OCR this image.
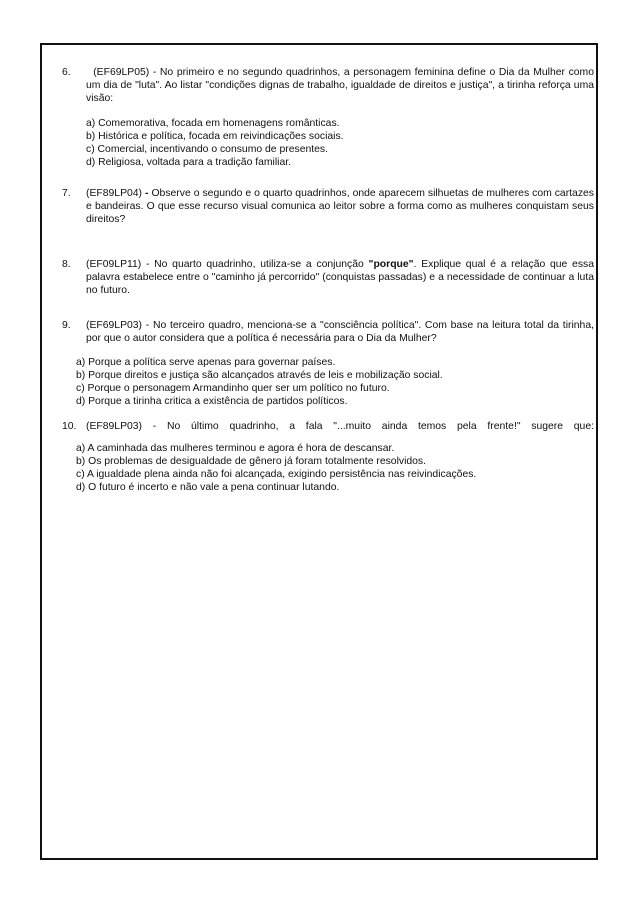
6.	(EF69LP05) - No primeiro e no segundo quadrinhos, a personagem feminina define o Dia da Mulher como um dia de "luta". Ao listar "condições dignas de trabalho, igualdade de direitos e justiça", a tirinha reforça uma visão:
a) Comemorativa, focada em homenagens românticas.
b) Histórica e política, focada em reivindicações sociais.
c) Comercial, incentivando o consumo de presentes.
d) Religiosa, voltada para a tradição familiar.
7.	(EF89LP04) - Observe o segundo e o quarto quadrinhos, onde aparecem silhuetas de mulheres com cartazes e bandeiras. O que esse recurso visual comunica ao leitor sobre a forma como as mulheres conquistam seus direitos?
8.	(EF09LP11) - No quarto quadrinho, utiliza-se a conjunção "porque". Explique qual é a relação que essa palavra estabelece entre o "caminho já percorrido" (conquistas passadas) e a necessidade de continuar a luta no futuro.
9.	(EF69LP03) - No terceiro quadro, menciona-se a "consciência política". Com base na leitura total da tirinha, por que o autor considera que a política é necessária para o Dia da Mulher?
a) Porque a política serve apenas para governar países.
b) Porque direitos e justiça são alcançados através de leis e mobilização social.
c) Porque o personagem Armandinho quer ser um político no futuro.
d) Porque a tirinha critica a existência de partidos políticos.
10. (EF89LP03) - No último quadrinho, a fala "...muito ainda temos pela frente!" sugere que:
a) A caminhada das mulheres terminou e agora é hora de descansar.
b) Os problemas de desigualdade de gênero já foram totalmente resolvidos.
c) A igualdade plena ainda não foi alcançada, exigindo persistência nas reivindicações.
d) O futuro é incerto e não vale a pena continuar lutando.
